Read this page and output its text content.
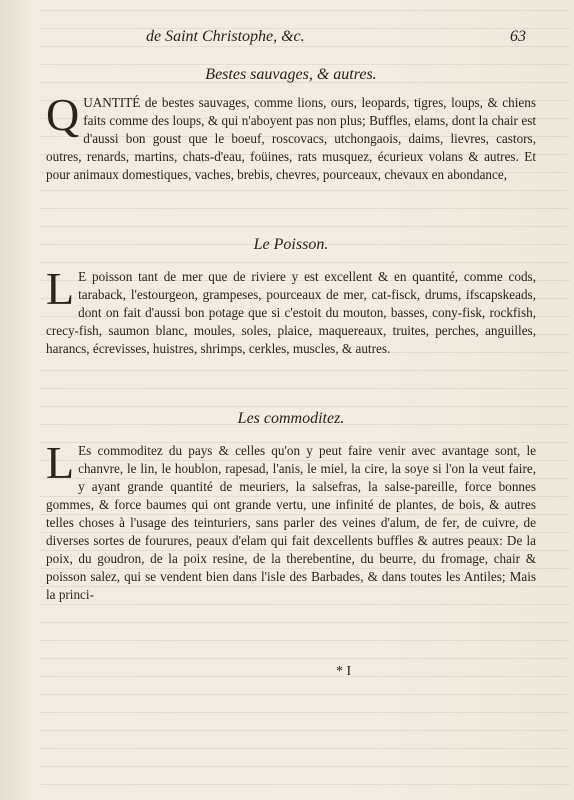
de Saint Christophe, &c.	63
Bestes sauvages, & autres.
Q UANTITÉ de bestes sauvages, comme lions, ours, leopards, tigres, loups, & chiens faits comme des loups, & qui n'aboyent pas non plus; Buffles, elams, dont la chair est d'aussi bon goust que le boeuf, roscovacs, utchongaois, daims, lievres, castors, outres, renards, martins, chats-d'eau, foüines, rats musquez, écurieux volans & autres. Et pour animaux domestiques, vaches, brebis, chevres, pourceaux, chevaux en abondance,
Le Poisson.
L E poisson tant de mer que de riviere y est excellent & en quantité, comme cods, taraback, l'estourgeon, grampeses, pourceaux de mer, cat-fisck, drums, ifscapskeads, dont on fait d'aussi bon potage que si c'estoit du mouton, basses, cony-fisk, rockfish, crecy-fish, saumon blanc, moules, soles, plaice, maquereaux, truites, perches, anguilles, harancs, écrevisses, huistres, shrimps, cerkles, muscles, & autres.
Les commoditez.
L Es commoditez du pays & celles qu'on y peut faire venir avec avantage sont, le chanvre, le lin, le houblon, rapesad, l'anis, le miel, la cire, la soye si l'on la veut faire, y ayant grande quantité de meuriers, la salsefras, la salse-pareille, force bonnes gommes, & force baumes qui ont grande vertu, une infinité de plantes, de bois, & autres telles choses à l'usage des teinturiers, sans parler des veines d'alum, de fer, de cuivre, de diverses sortes de fourures, peaux d'elam qui fait dexcellents buffles & autres peaux: De la poix, du goudron, de la poix resine, de la therebentine, du beurre, du fromage, chair & poisson salez, qui se vendent bien dans l'isle des Barbades, & dans toutes les Antiles; Mais la princi-
* I
